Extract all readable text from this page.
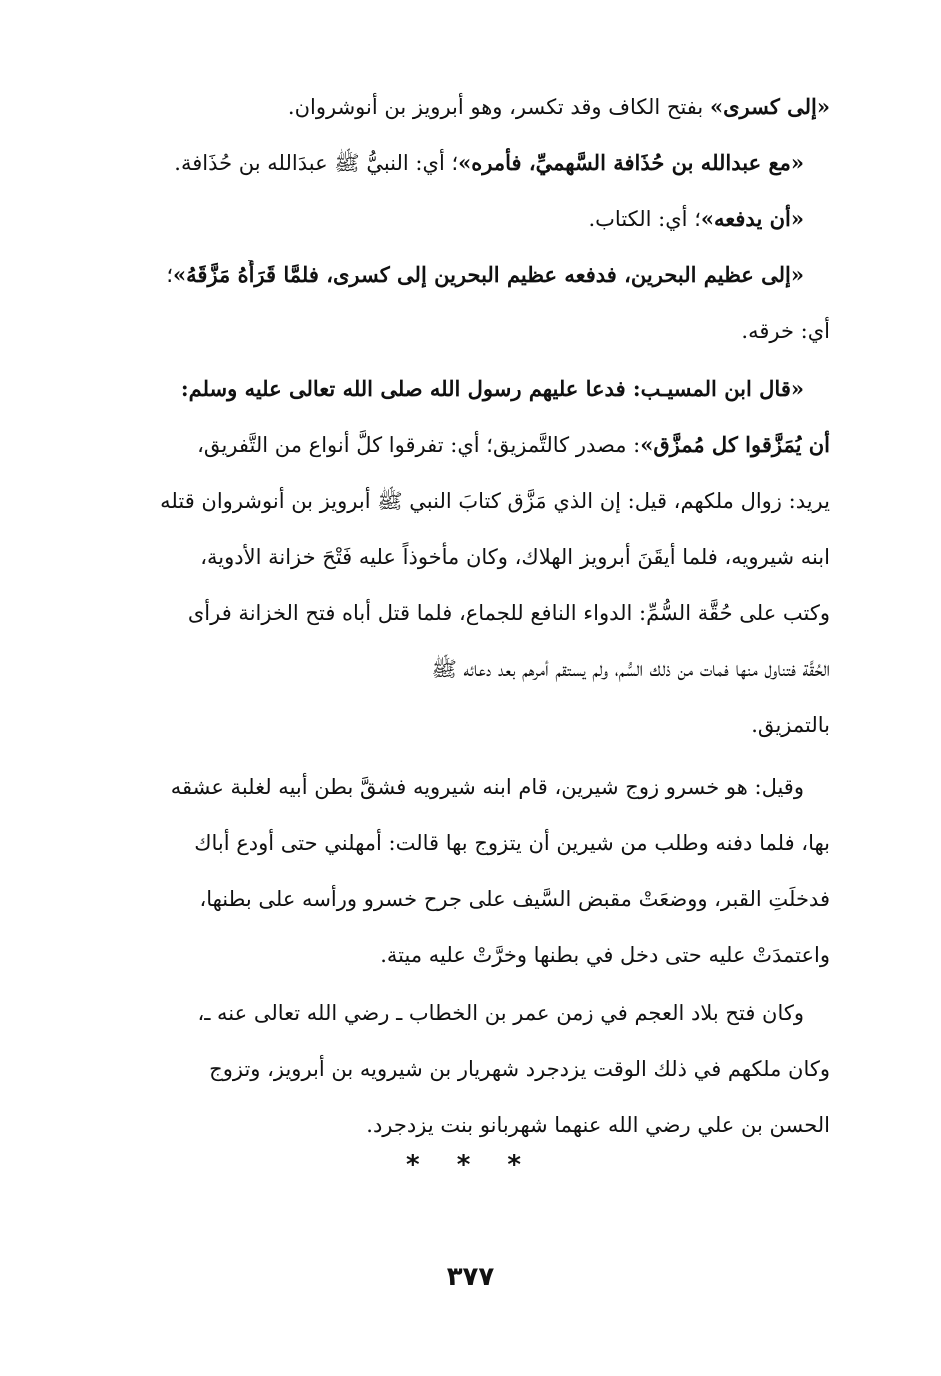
«إلى كسرى» بفتح الكاف وقد تكسر، وهو أبرويز بن أنوشروان.
«مع عبدالله بن حُذَافة السَّهميِّ، فأمره»؛ أي: النبيُّ ﷺ عبدَالله بن حُذَافة.
«أن يدفعه»؛ أي: الكتاب.
«إلى عظيم البحرين، فدفعه عظيم البحرين إلى كسرى، فلمَّا قَرَأَهُ مَزَّقَهُ»؛
أي: خرقه.
«قال ابن المسيـب: فدعا عليهم رسول الله صلى الله تعالى عليه وسلم:
أن يُمَزَّقوا كل مُمزَّق»: مصدر كالتَّمزيق؛ أي: تفرقوا كلَّ أنواع من التَّفريق،
يريد: زوال ملكهم، قيل: إن الذي مَزَّق كتابَ النبي ﷺ أبرويز بن أنوشروان قتله
ابنه شيرويه، فلما أيقَنَ أبرويز الهلاك، وكان مأخوذاً عليه فَتْحَ خزانة الأدوية،
وكتب على حُقَّة السُّمِّ: الدواء النافع للجماع، فلما قتل أباه فتح الخزانة فرأى
الحُقَّة فتناول منها فمات من ذلك السُّم، ولم يستقم أمرهم بعد دعائه ﷺ
بالتمزيق.
وقيل: هو خسرو زوج شيرين، قام ابنه شيرويه فشقَّ بطن أبيه لغلبة عشقه
بها، فلما دفنه وطلب من شيرين أن يتزوج بها قالت: أمهلني حتى أودع أباك
فدخلَتِ القبر، ووضعَتْ مقبض السَّيف على جرح خسرو ورأسه على بطنها،
واعتمدَتْ عليه حتى دخل في بطنها وخرَّتْ عليه ميتة.
وكان فتح بلاد العجم في زمن عمر بن الخطاب ـ رضي الله تعالى عنه ـ،
وكان ملكهم في ذلك الوقت يزدجرد شهريار بن شيرويه بن أبرويز، وتزوج
الحسن بن علي رضي الله عنهما شهربانو بنت يزدجرد.
* * *
٣٧٧
